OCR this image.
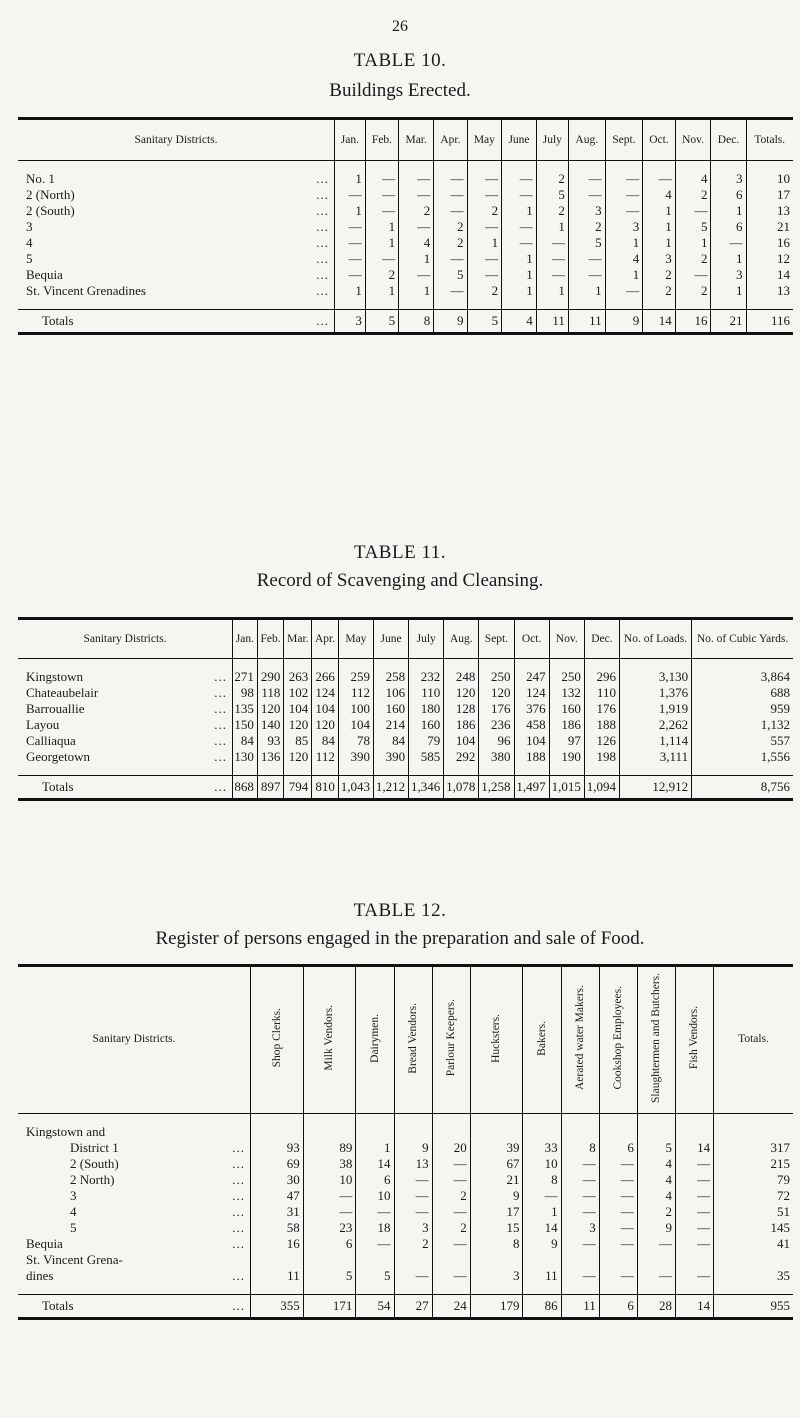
26
TABLE 10.
Buildings Erected.
Sanitary Districts.	Jan.	Feb.	Mar.	Apr.	May	June	July	Aug.	Sept.	Oct.	Nov.	Dec.	Totals.

No. 1 ...	1	—	—	—	—	—	2	—	—	—	4	3	10
2 (North) ...	—	—	—	—	—	—	5	—	—	4	2	6	17
2 (South) ...	1	—	2	—	2	1	2	3	—	1	—	1	13
3 ...	—	1	—	2	—	—	1	2	3	1	5	6	21
4 ...	—	1	4	2	1	—	—	5	1	1	1	—	16
5 ...	—	—	1	—	—	1	—	—	4	3	2	1	12
Bequia ...	—	2	—	5	—	1	—	—	1	2	—	3	14
St. Vincent Grenadines ...	1	1	1	—	2	1	1	1	—	2	2	1	13

Totals ...	3	5	8	9	5	4	11	11	9	14	16	21	116
TABLE 11.
Record of Scavenging and Cleansing.
Sanitary Districts.	Jan.	Feb.	Mar.	Apr.	May	June	July	Aug.	Sept.	Oct.	Nov.	Dec.	No. of Loads.	No. of Cubic Yards.

Kingstown ...	271	290	263	266	259	258	232	248	250	247	250	296	3,130	3,864
Chateaubelair ...	98	118	102	124	112	106	110	120	120	124	132	110	1,376	688
Barrouallie ...	135	120	104	104	100	160	180	128	176	376	160	176	1,919	959
Layou ...	150	140	120	120	104	214	160	186	236	458	186	188	2,262	1,132
Calliaqua ...	84	93	85	84	78	84	79	104	96	104	97	126	1,114	557
Georgetown ...	130	136	120	112	390	390	585	292	380	188	190	198	3,111	1,556

Totals ...	868	897	794	810	1,043	1,212	1,346	1,078	1,258	1,497	1,015	1,094	12,912	8,756
TABLE 12.
Register of persons engaged in the preparation and sale of Food.
Sanitary Districts.	Shop Clerks.	Milk Vendors.	Dairymen.	Bread Vendors.	Parlour Keepers.	Hucksters.	Bakers.	Aerated water Makers.	Cookshop Employees.	Slaughtermen and Butchers.	Fish Vendors.	Totals.

Kingstown and												
District 1 ...	93	89	1	9	20	39	33	8	6	5	14	317
2 (South) ...	69	38	14	13	—	67	10	—	—	4	—	215
2 North) ...	30	10	6	—	—	21	8	—	—	4	—	79
3 ...	47	—	10	—	2	9	—	—	—	4	—	72
4 ...	31	—	—	—	—	17	1	—	—	2	—	51
5 ...	58	23	18	3	2	15	14	3	—	9	—	145
Bequia ...	16	6	—	2	—	8	9	—	—	—	—	41
St. Vincent Grena-												
dines ...	11	5	5	—	—	3	11	—	—	—	—	35

Totals ...	355	171	54	27	24	179	86	11	6	28	14	955
